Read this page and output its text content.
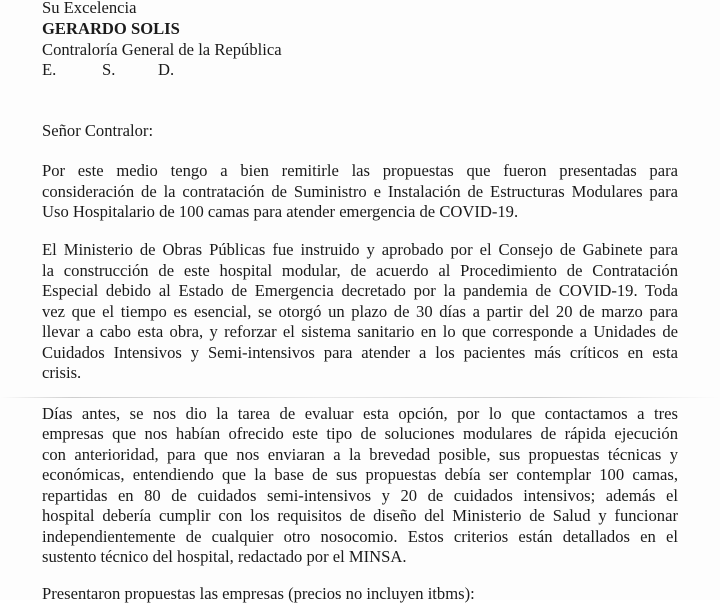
Su Excelencia
GERARDO SOLIS
Contraloría General de la República
E.	S.	D.
Señor Contralor:
Por este medio tengo a bien remitirle las propuestas que fueron presentadas para
consideración de la contratación de Suministro e Instalación de Estructuras Modulares para
Uso Hospitalario de 100 camas para atender emergencia de COVID-19.
El Ministerio de Obras Públicas fue instruido y aprobado por el Consejo de Gabinete para
la construcción de este hospital modular, de acuerdo al Procedimiento de Contratación
Especial debido al Estado de Emergencia decretado por la pandemia de COVID-19. Toda
vez que el tiempo es esencial, se otorgó un plazo de 30 días a partir del 20 de marzo para
llevar a cabo esta obra, y reforzar el sistema sanitario en lo que corresponde a Unidades de
Cuidados Intensivos y Semi-intensivos para atender a los pacientes más críticos en esta
crisis.
Días antes, se nos dio la tarea de evaluar esta opción, por lo que contactamos a tres
empresas que nos habían ofrecido este tipo de soluciones modulares de rápida ejecución
con anterioridad, para que nos enviaran a la brevedad posible, sus propuestas técnicas y
económicas, entendiendo que la base de sus propuestas debía ser contemplar 100 camas,
repartidas en 80 de cuidados semi-intensivos y 20 de cuidados intensivos; además el
hospital debería cumplir con los requisitos de diseño del Ministerio de Salud y funcionar
independientemente de cualquier otro nosocomio. Estos criterios están detallados en el
sustento técnico del hospital, redactado por el MINSA.
Presentaron propuestas las empresas (precios no incluyen itbms):
